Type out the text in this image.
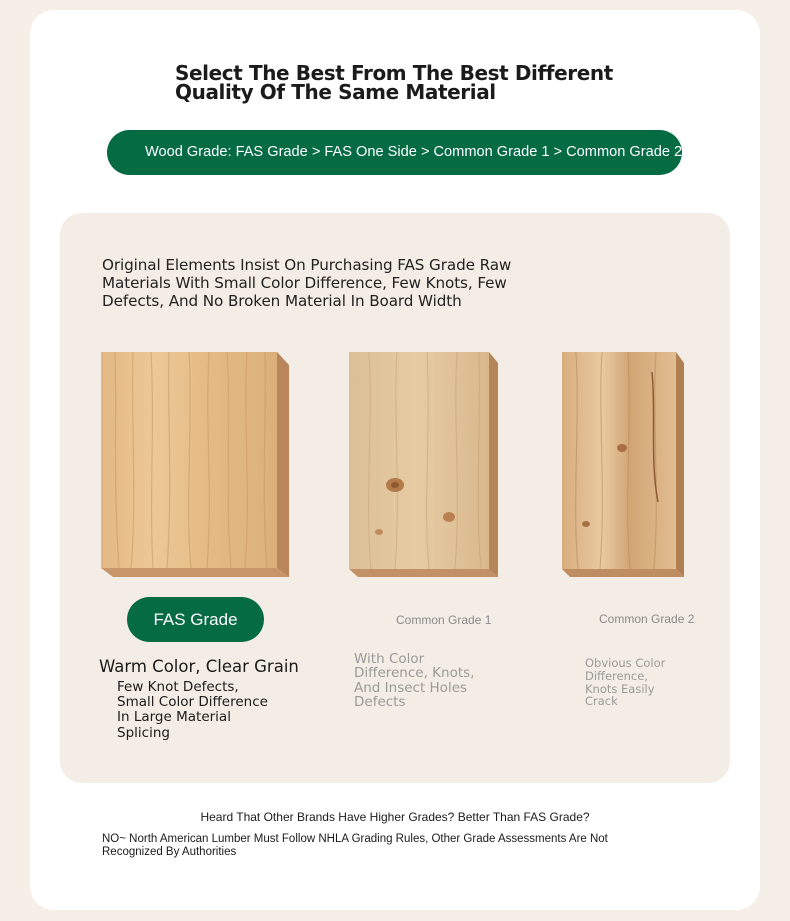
Select The Best From The Best Different
Quality Of The Same Material
Wood Grade: FAS Grade > FAS One Side > Common Grade 1 > Common Grade 2

Original Elements Insist On Purchasing FAS Grade Raw
Materials With Small Color Difference, Few Knots, Few
Defects, And No Broken Material In Board Width

FAS Grade	Common Grade 1	Common Grade 2
Warm Color, Clear Grain
Few Knot Defects,
Small Color Difference
In Large Material
Splicing
With Color
Difference, Knots,
And Insect Holes
Defects
Obvious Color
Difference,
Knots Easily
Crack
Heard That Other Brands Have Higher Grades? Better Than FAS Grade?
NO~ North American Lumber Must Follow NHLA Grading Rules, Other Grade Assessments Are Not
Recognized By Authorities
